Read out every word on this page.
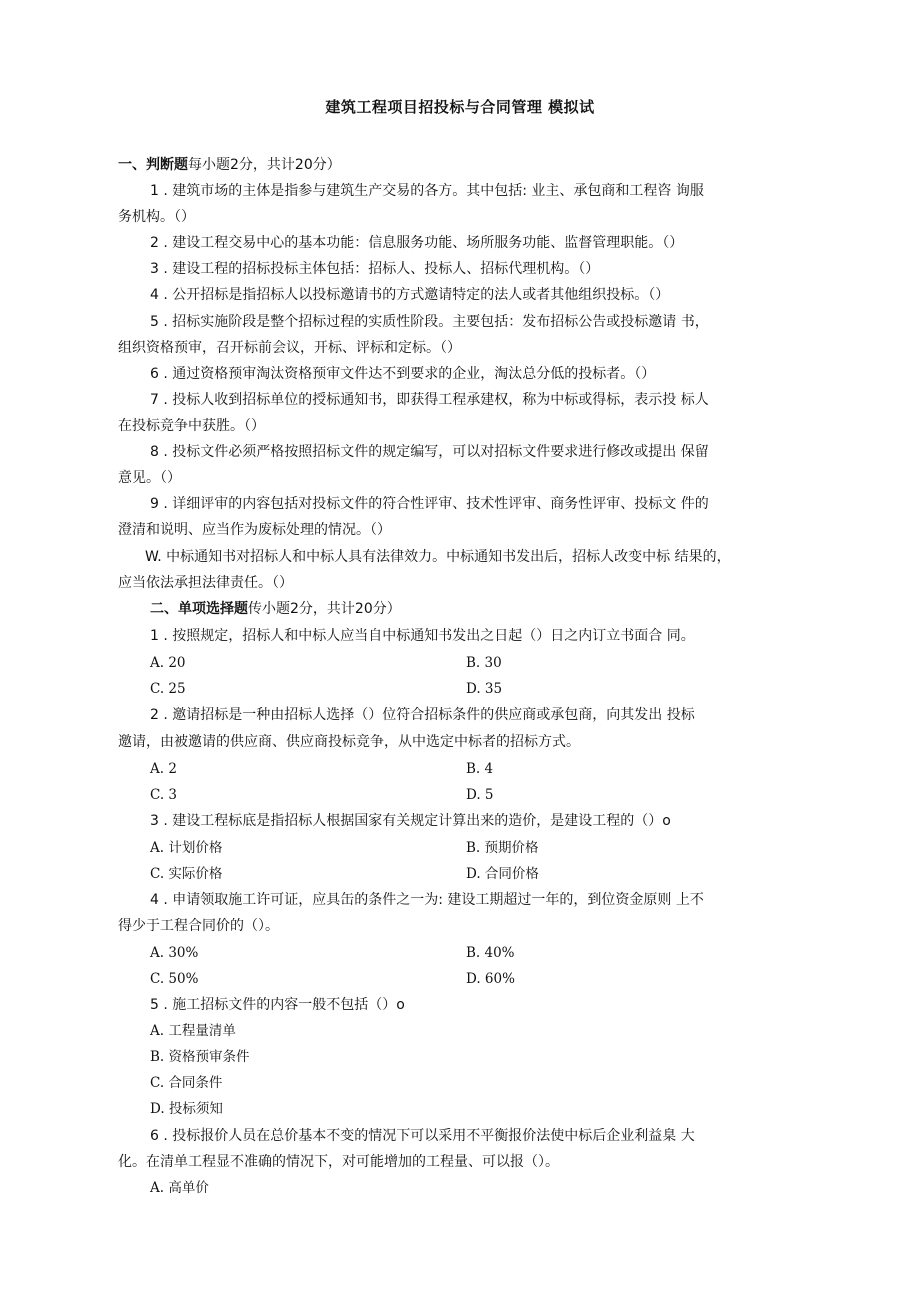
建筑工程项目招投标与合同管理 模拟试
一、判断题每小题2分，共计20分）
1 . 建筑市场的主体是指参与建筑生产交易的各方。其中包括: 业主、承包商和工程咨 询服
务机构。（）
2 . 建设工程交易中心的基本功能：信息服务功能、场所服务功能、监督管理职能。（）
3 . 建设工程的招标投标主体包括：招标人、投标人、招标代理机构。（）
4 . 公开招标是指招标人以投标邀请书的方式邀请特定的法人或者其他组织投标。（）
5 . 招标实施阶段是整个招标过程的实质性阶段。主要包括：发布招标公告或投标邀请 书，
组织资格预审，召开标前会议，开标、评标和定标。（）
6 . 通过资格预审淘汰资格预审文件达不到要求的企业，淘汰总分低的投标者。（）
7 . 投标人收到招标单位的授标通知书，即获得工程承建权，称为中标或得标，表示投 标人
在投标竞争中获胜。（）
8 . 投标文件必须严格按照招标文件的规定编写，可以对招标文件要求进行修改或提出 保留
意见。（）
9 . 详细评审的内容包括对投标文件的符合性评审、技术性评审、商务性评审、投标文 件的
澄清和说明、应当作为废标处理的情况。（）
W. 中标通知书对招标人和中标人具有法律效力。中标通知书发出后，招标人改变中标 结果的，
应当依法承担法律责任。（）
二、单项选择题传小题2分，共计20分）
1 . 按照规定，招标人和中标人应当自中标通知书发出之日起（）日之内订立书面合 同。
A. 20	B. 30
C. 25	D. 35
2 . 邀请招标是一种由招标人选择（）位符合招标条件的供应商或承包商，向其发出 投标
邀请，由被邀请的供应商、供应商投标竞争，从中选定中标者的招标方式。
A. 2	B. 4
C. 3	D. 5
3 . 建设工程标底是指招标人根据国家有关规定计算出来的造价，是建设工程的（）o
A. 计划价格	B. 预期价格
C. 实际价格	D. 合同价格
4 . 申请领取施工许可证，应具缶的条件之一为: 建设工期超过一年的，到位资金原则 上不
得少于工程合同价的（）。
A. 30%	B. 40%
C. 50%	D. 60%
5 . 施工招标文件的内容一般不包括（）o
A. 工程量清单
B. 资格预审条件
C. 合同条件
D. 投标须知
6 . 投标报价人员在总价基本不变的情况下可以采用不平衡报价法使中标后企业利益臬 大
化。在清单工程显不准确的情况下，对可能增加的工程量、可以报（）。
A. 高单价
